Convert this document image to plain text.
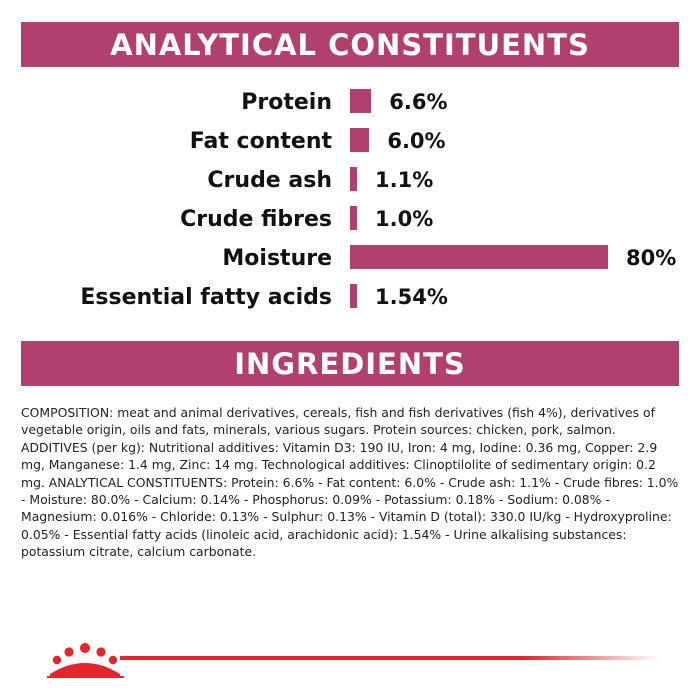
ANALYTICAL CONSTITUENTS
Protein	6.6%
Fat content	6.0%
Crude ash 1.1%
Crude fibres 1.0%
Moisture	80%
Essential fatty acids 1.54%
INGREDIENTS

COMPOSITION: meat and animal derivatives, cereals, fish and fish derivatives (fish 4%), derivatives of vegetable origin, oils and fats, minerals, various sugars. Protein sources: chicken, pork, salmon. ADDITIVES (per kg): Nutritional additives: Vitamin D3: 190 IU, Iron: 4 mg, Iodine: 0.36 mg, Copper: 2.9 mg, Manganese: 1.4 mg, Zinc: 14 mg. Technological additives: Clinoptilolite of sedimentary origin: 0.2 mg. ANALYTICAL CONSTITUENTS: Protein: 6.6% - Fat content: 6.0% - Crude ash: 1.1% - Crude fibres: 1.0% - Moisture: 80.0% - Calcium: 0.14% - Phosphorus: 0.09% - Potassium: 0.18% - Sodium: 0.08% - Magnesium: 0.016% - Chloride: 0.13% - Sulphur: 0.13% - Vitamin D (total): 330.0 IU/kg - Hydroxyproline: 0.05% - Essential fatty acids (linoleic acid, arachidonic acid): 1.54% - Urine alkalising substances: potassium citrate, calcium carbonate.
